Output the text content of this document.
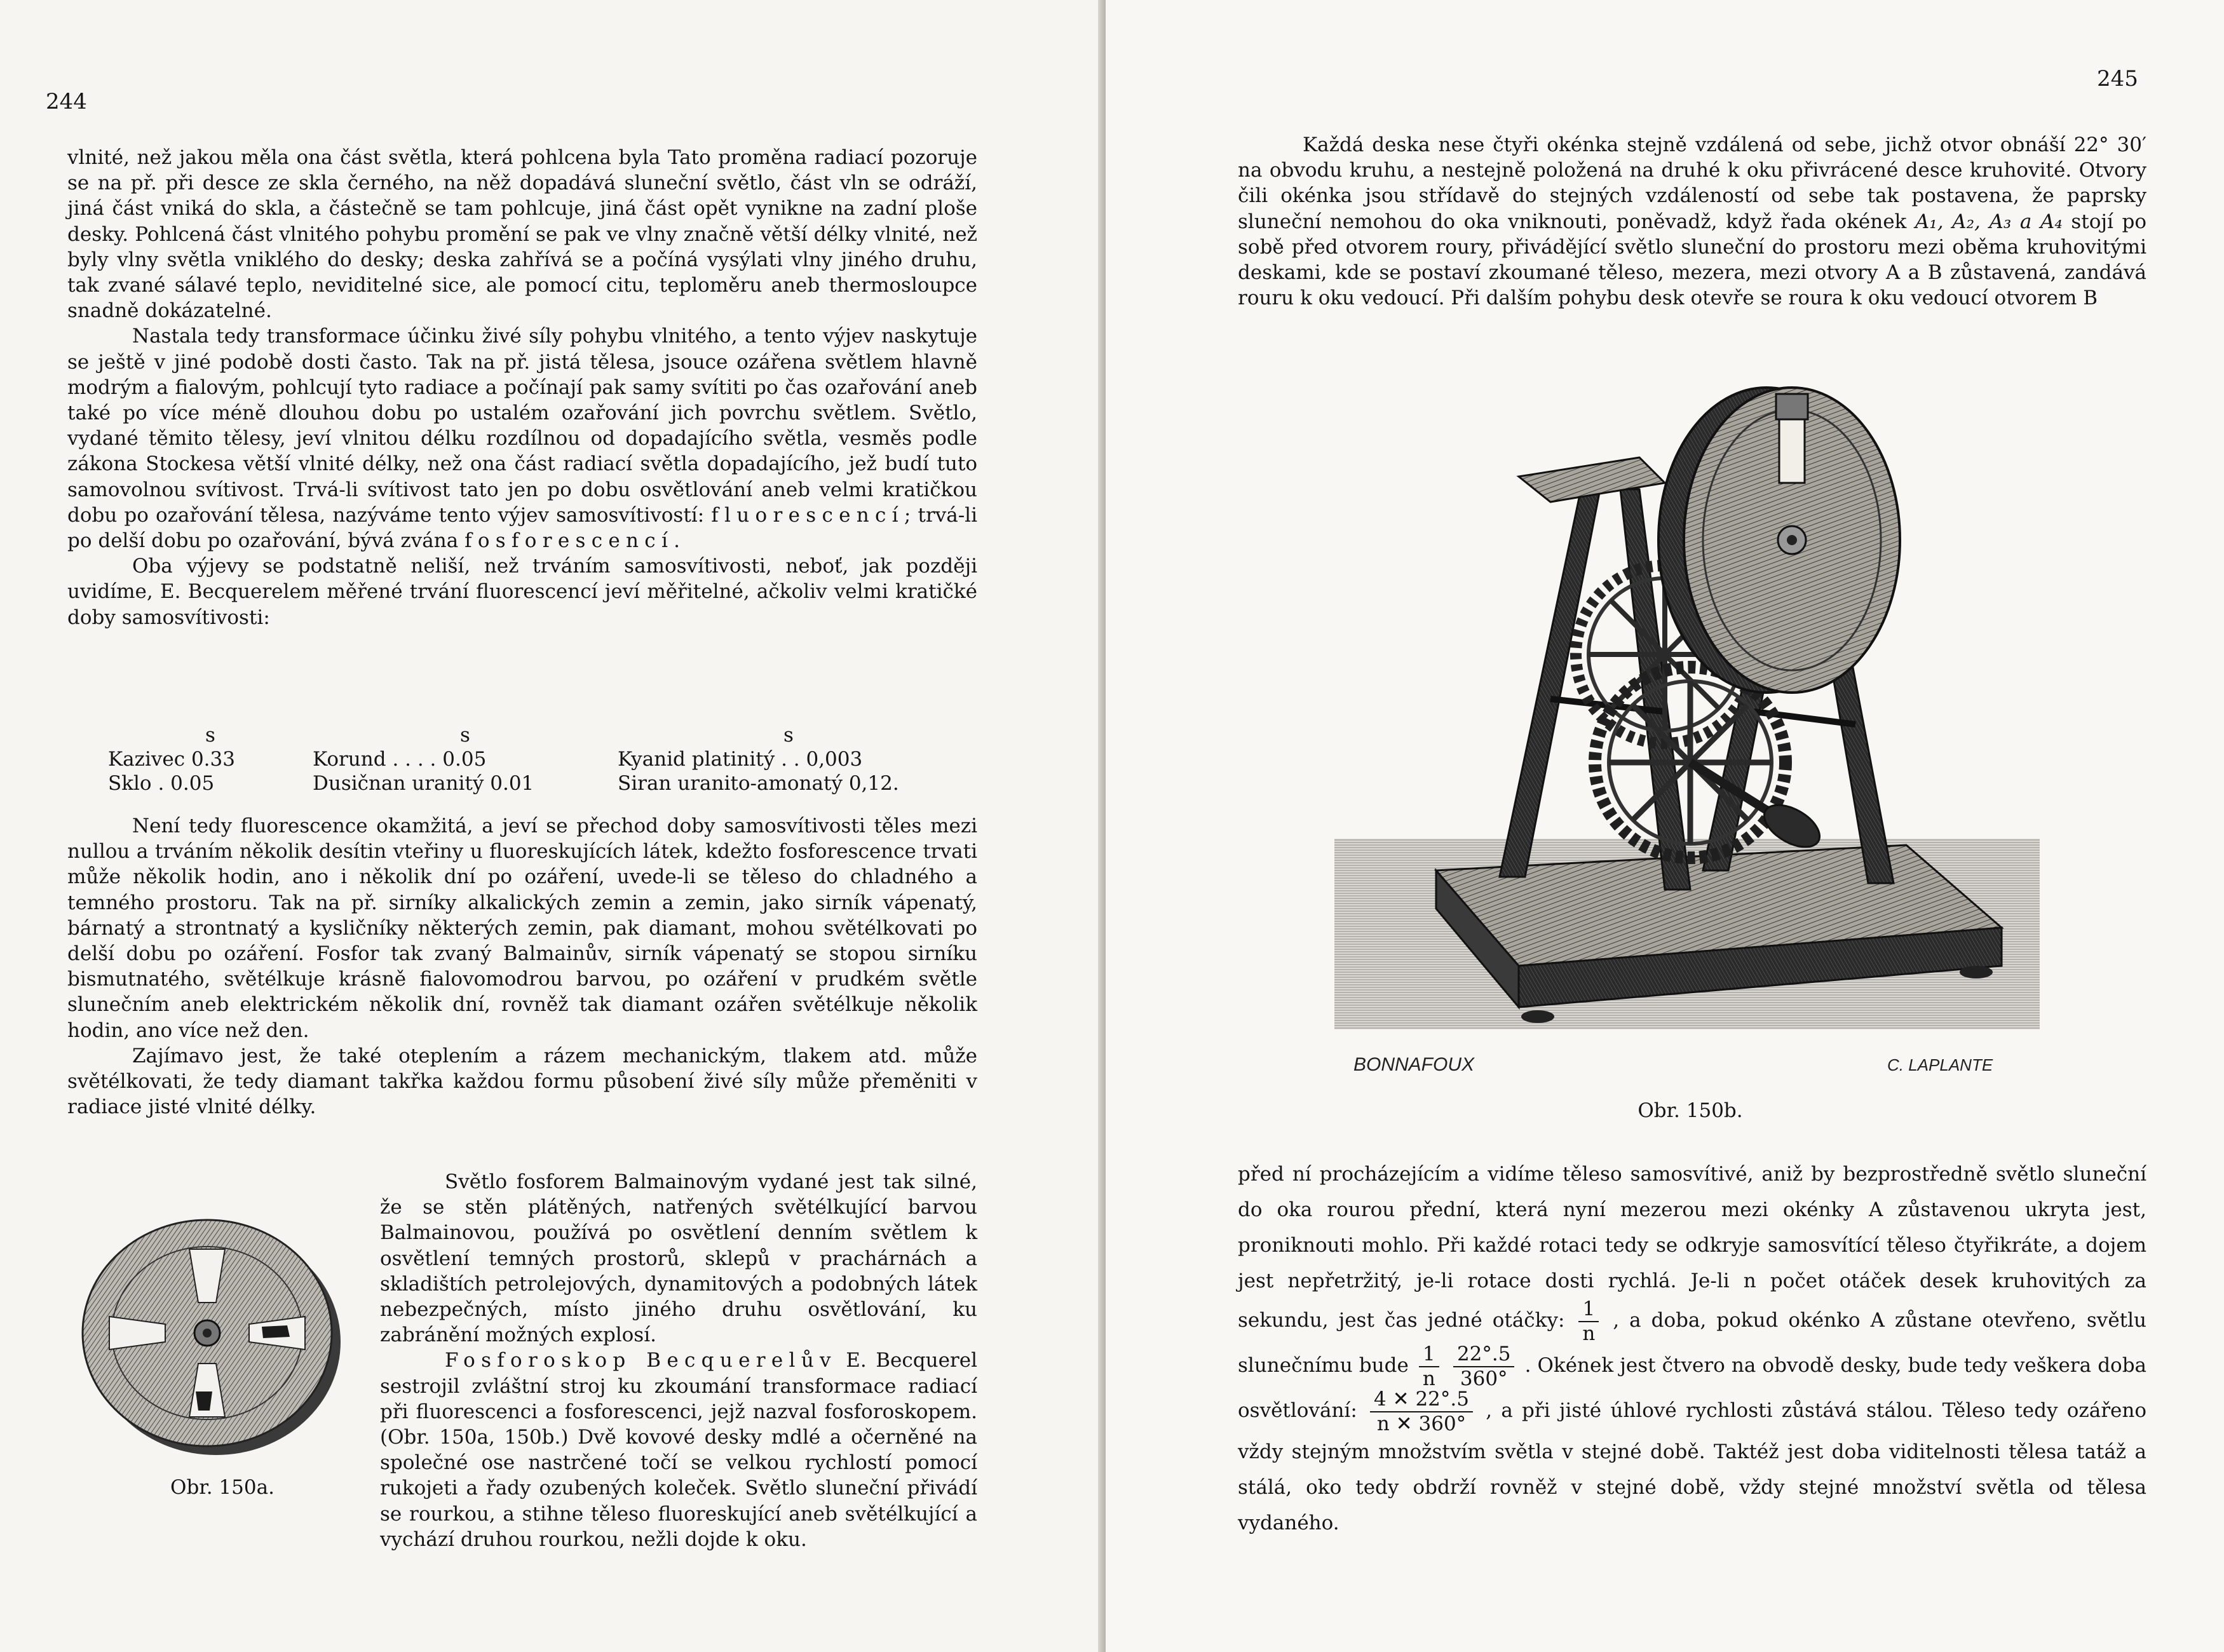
244

vlnité, než jakou měla ona část světla, která pohlcena byla Tato proměna radiací pozoruje se na př. při desce ze skla černého, na něž dopadává sluneční světlo, část vln se odráží, jiná část vniká do skla, a částečně se tam pohlcuje, jiná část opět vynikne na zadní ploše desky. Pohlcená část vlnitého pohybu promění se pak ve vlny značně větší délky vlnité, než byly vlny světla vniklého do desky; deska zahřívá se a počíná vysýlati vlny jiného druhu, tak zvané sálavé teplo, neviditelné sice, ale pomocí citu, teploměru aneb thermosloupce snadně dokázatelné.

Nastala tedy transformace účinku živé síly pohybu vlnitého, a tento výjev naskytuje se ještě v jiné podobě dosti často. Tak na př. jistá tělesa, jsouce ozářena světlem hlavně modrým a fialovým, pohlcují tyto radiace a počínají pak samy svítiti po čas ozařování aneb také po více méně dlouhou dobu po ustalém ozařování jich povrchu světlem. Světlo, vydané těmito tělesy, jeví vlnitou délku rozdílnou od dopadajícího světla, vesměs podle zákona Stockesa větší vlnité délky, než ona část radiací světla dopadajícího, jež budí tuto samovolnou svítivost. Trvá-li svítivost tato jen po dobu osvětlování aneb velmi kratičkou dobu po ozařování tělesa, nazýváme tento výjev samosvítivostí: fluorescencí; trvá-li po delší dobu po ozařování, bývá zvána fosforescencí.

Oba výjevy se podstatně neliší, než trváním samosvítivosti, neboť, jak později uvidíme, E. Becquerelem měřené trvání fluorescencí jeví měřitelné, ačkoliv velmi kratičké doby samosvítivosti:

s	s	s
Kazivec 0.33	Korund . . . . 0.05	Kyanid platinitý . . 0,003
Sklo . 0.05	Dusičnan uranitý 0.01	Siran uranito-amonatý 0,12.

Není tedy fluorescence okamžitá, a jeví se přechod doby samosvítivosti těles mezi nullou a trváním několik desítin vteřiny u fluoreskujících látek, kdežto fosforescence trvati může několik hodin, ano i několik dní po ozáření, uvede-li se těleso do chladného a temného prostoru. Tak na př. sirníky alkalických zemin a zemin, jako sirník vápenatý, bárnatý a strontnatý a kysličníky některých zemin, pak diamant, mohou světélkovati po delší dobu po ozáření. Fosfor tak zvaný Balmainův, sirník vápenatý se stopou sirníku bismutnatého, světélkuje krásně fialovomodrou barvou, po ozáření v prudkém světle slunečním aneb elektrickém několik dní, rovněž tak diamant ozářen světélkuje několik hodin, ano více než den.

Zajímavo jest, že také oteplením a rázem mechanickým, tlakem atd. může světélkovati, že tedy diamant takřka každou formu působení živé síly může přeměniti v radiace jisté vlnité délky.

Obr. 150a.

Světlo fosforem Balmainovým vydané jest tak silné, že se stěn plátěných, natřených světélkující barvou Balmainovou, používá po osvětlení denním světlem k osvětlení temných prostorů, sklepů v prachárnách a skladištích petrolejových, dynamitových a podobných látek nebezpečných, místo jiného druhu osvětlování, ku zabránění možných explosí.

Fosforoskop Becquerelův E. Becquerel sestrojil zvláštní stroj ku zkoumání transformace radiací při fluorescenci a fosforescenci, jejž nazval fosforoskopem. (Obr. 150a, 150b.) Dvě kovové desky mdlé a očerněné na společné ose nastrčené točí se velkou rychlostí pomocí rukojeti a řady ozubených koleček. Světlo sluneční přivádí se rourkou, a stihne těleso fluoreskující aneb světélkující a vychází druhou rourkou, nežli dojde k oku.

245

Každá deska nese čtyři okénka stejně vzdálená od sebe, jichž otvor obnáší 22° 30′ na obvodu kruhu, a nestejně položená na druhé k oku přivrácené desce kruhovité. Otvory čili okénka jsou střídavě do stejných vzdáleností od sebe tak postavena, že paprsky sluneční nemohou do oka vniknouti, poněvadž, když řada okének A₁, A₂, A₃ a A₄ stojí po sobě před otvorem roury, přivádějící světlo sluneční do prostoru mezi oběma kruhovitými deskami, kde se postaví zkoumané těleso, mezera, mezi otvory A a B zůstavená, zandává rouru k oku vedoucí. Při dalším pohybu desk otevře se roura k oku vedoucí otvorem B

BONNAFOUX	C. LAPLANTE
Obr. 150b.

před ní procházejícím a vidíme těleso samosvítivé, aniž by bezprostředně světlo sluneční do oka rourou přední, která nyní mezerou mezi okénky A zůstavenou ukryta jest, proniknouti mohlo. Při každé rotaci tedy se odkryje samosvítící těleso čtyřikráte, a dojem jest nepřetržitý, je-li rotace dosti rychlá. Je-li n počet otáček desek kruhovitých za sekundu, jest čas jedné otáčky: $\frac{1}{n}$ , a doba, pokud okénko A zůstane otevřeno, světlu slunečnímu bude $\frac{1}{n}$
$\frac{22^\circ.5}{360^\circ}$ . Okének jest čtvero na obvodě desky, bude tedy veškera doba osvětlování: $\frac{4 ✕ 22^\circ.5}{n ✕ 360^\circ}$ , a při jisté úhlové rychlosti zůstává stálou. Těleso tedy ozářeno vždy stejným množstvím světla v stejné době. Taktéž jest doba viditelnosti tělesa tatáž a stálá, oko tedy obdrží rovněž v stejné době, vždy stejné množství světla od tělesa vydaného.
